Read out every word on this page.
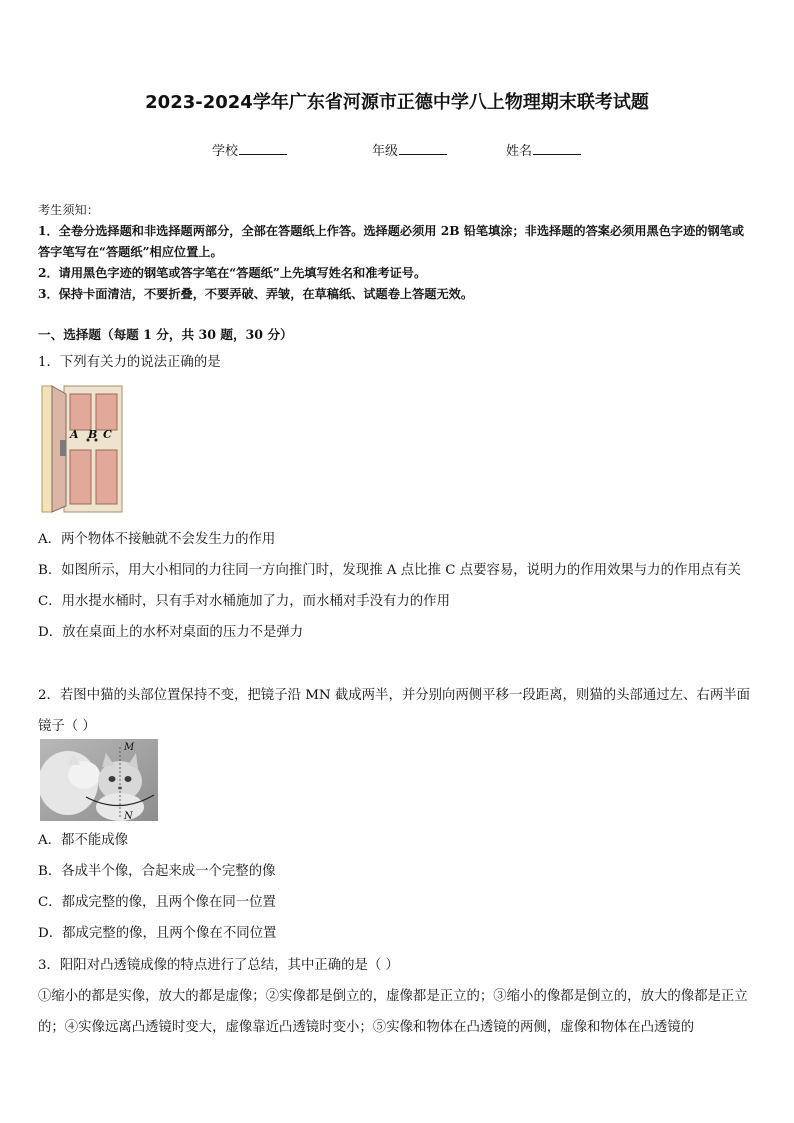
2023-2024学年广东省河源市正德中学八上物理期末联考试题
学校	年级	姓名
考生须知：
1．全卷分选择题和非选择题两部分，全部在答题纸上作答。选择题必须用 2B 铅笔填涂；非选择题的答案必须用黑色字迹的钢笔或答字笔写在“答题纸”相应位置上。
2．请用黑色字迹的钢笔或答字笔在“答题纸”上先填写姓名和准考证号。
3．保持卡面清洁，不要折叠，不要弄破、弄皱，在草稿纸、试题卷上答题无效。
一、选择题（每题 1 分，共 30 题，30 分）
1．下列有关力的说法正确的是
A B C
A．两个物体不接触就不会发生力的作用
B．如图所示，用大小相同的力往同一方向推门时，发现推 A 点比推 C 点要容易，说明力的作用效果与力的作用点有关
C．用水提水桶时，只有手对水桶施加了力，而水桶对手没有力的作用
D．放在桌面上的水杯对桌面的压力不是弹力
2．若图中猫的头部位置保持不变，把镜子沿 MN 截成两半，并分别向两侧平移一段距离，则猫的头部通过左、右两半面镜子（ ）
M
N
A．都不能成像
B．各成半个像，合起来成一个完整的像
C．都成完整的像，且两个像在同一位置
D．都成完整的像，且两个像在不同位置
3．阳阳对凸透镜成像的特点进行了总结，其中正确的是（ ）
①缩小的都是实像，放大的都是虚像；②实像都是倒立的，虚像都是正立的；③缩小的像都是倒立的，放大的像都是正立的；④实像远离凸透镜时变大，虚像靠近凸透镜时变小；⑤实像和物体在凸透镜的两侧，虚像和物体在凸透镜的
